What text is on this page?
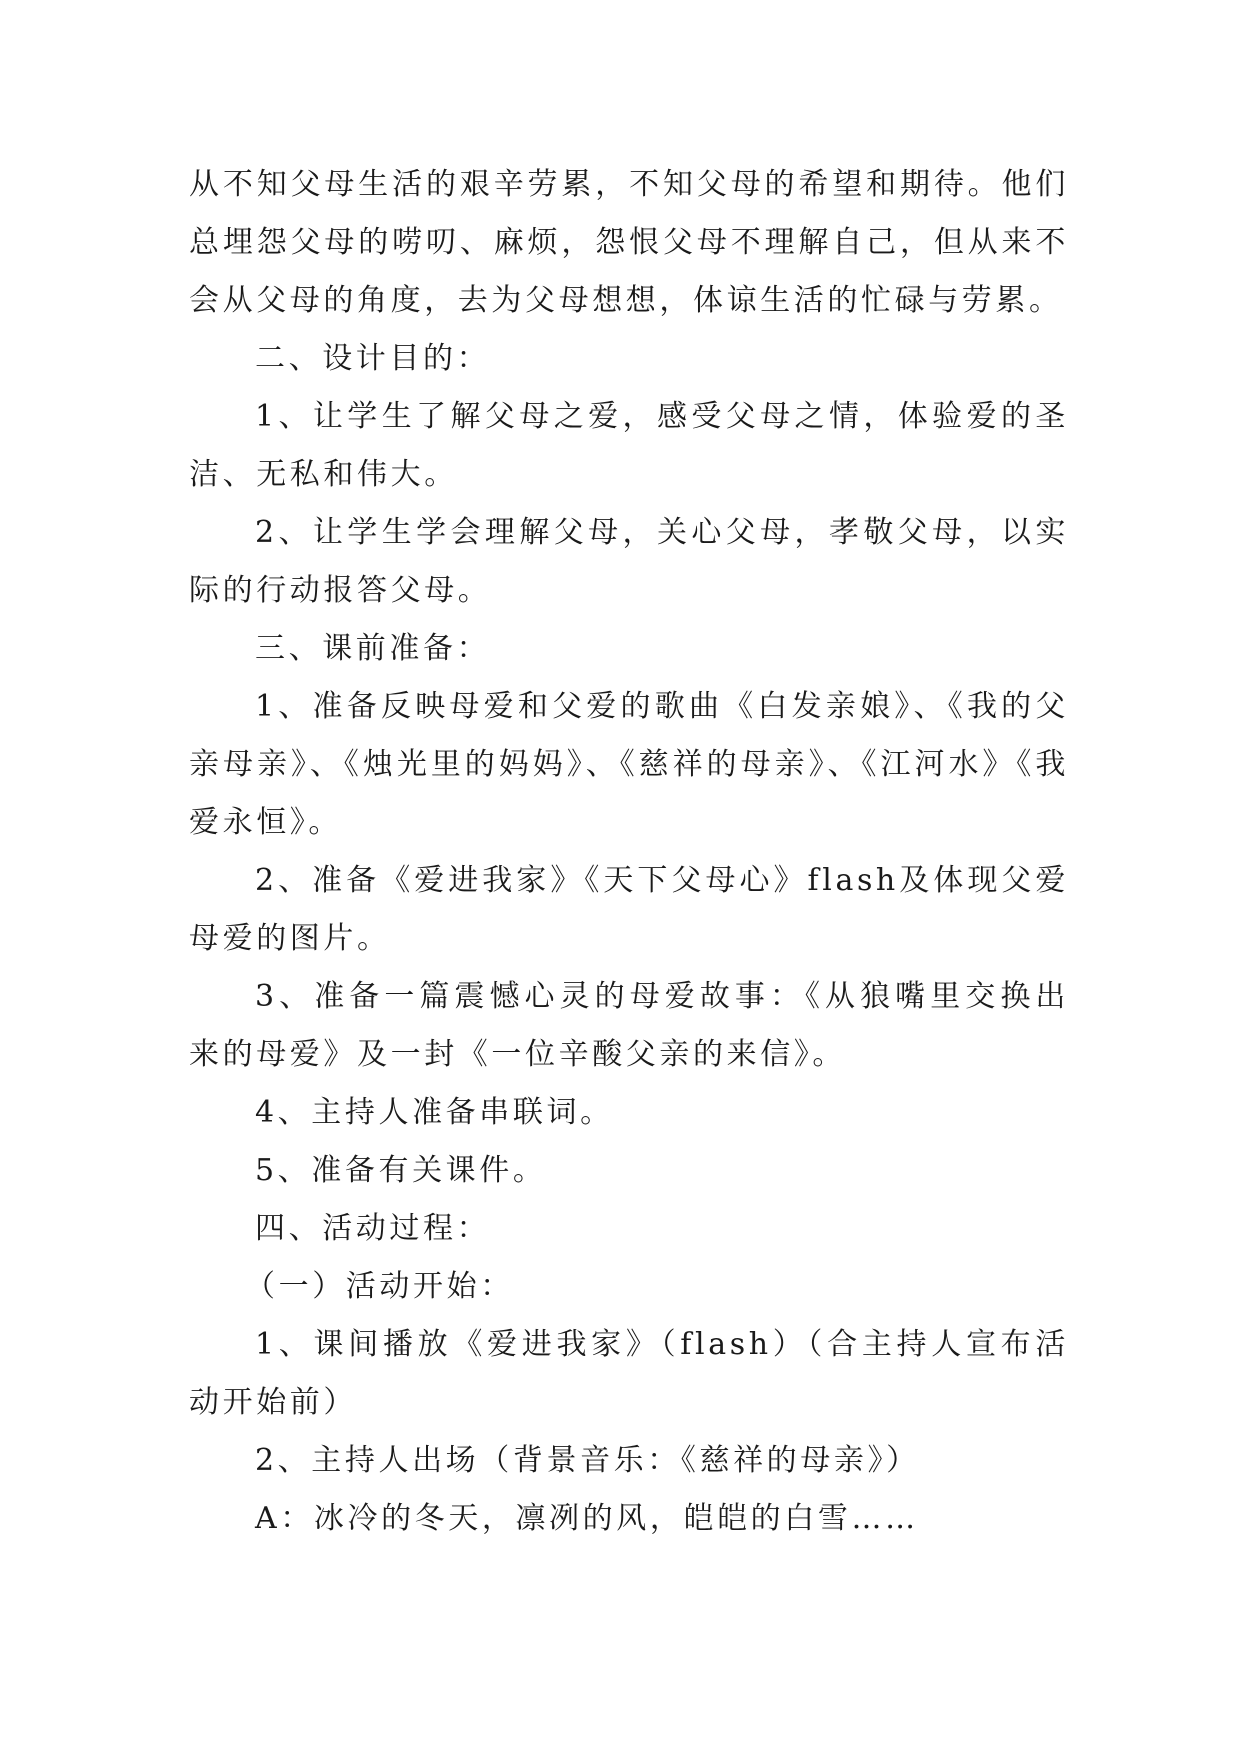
从不知父母生活的艰辛劳累，不知父母的希望和期待。他们总埋怨父母的唠叨、麻烦，怨恨父母不理解自己，但从来不会从父母的角度，去为父母想想，体谅生活的忙碌与劳累。

二、设计目的：

1、让学生了解父母之爱，感受父母之情，体验爱的圣洁、无私和伟大。

2、让学生学会理解父母，关心父母，孝敬父母，以实际的行动报答父母。

三、课前准备：

1、准备反映母爱和父爱的歌曲《白发亲娘》、《我的父亲母亲》、《烛光里的妈妈》、《慈祥的母亲》、《江河水》《我爱永恒》。

2、准备《爱进我家》《天下父母心》flash及体现父爱母爱的图片。

3、准备一篇震憾心灵的母爱故事：《从狼嘴里交换出来的母爱》及一封《一位辛酸父亲的来信》。

4、主持人准备串联词。

5、准备有关课件。

四、活动过程：

（一）活动开始：

1、课间播放《爱进我家》（flash）（合主持人宣布活动开始前）

2、主持人出场（背景音乐：《慈祥的母亲》）

A：冰冷的冬天，凛冽的风，皑皑的白雪……
